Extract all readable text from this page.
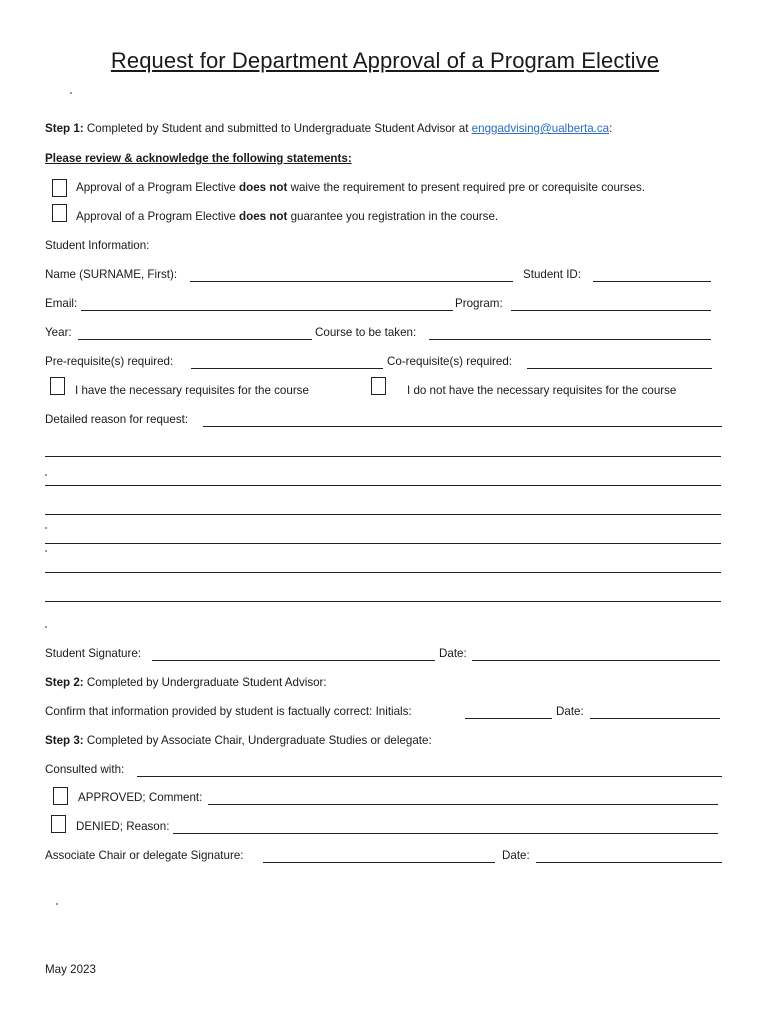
Request for Department Approval of a Program Elective
Step 1: Completed by Student and submitted to Undergraduate Student Advisor at enggadvising@ualberta.ca:
Please review & acknowledge the following statements:
Approval of a Program Elective does not waive the requirement to present required pre or corequisite courses.
Approval of a Program Elective does not guarantee you registration in the course.
Student Information:
Name (SURNAME, First):	Student ID:
Email:	Program:
Year:	Course to be taken:
Pre-requisite(s) required:	Co-requisite(s) required:
I have the necessary requisites for the course	I do not have the necessary requisites for the course
Detailed reason for request:
Student Signature:	Date:
Step 2: Completed by Undergraduate Student Advisor:
Confirm that information provided by student is factually correct: Initials:	Date:
Step 3: Completed by Associate Chair, Undergraduate Studies or delegate:
Consulted with:
APPROVED; Comment:
DENIED; Reason:
Associate Chair or delegate Signature:	Date:
May 2023
